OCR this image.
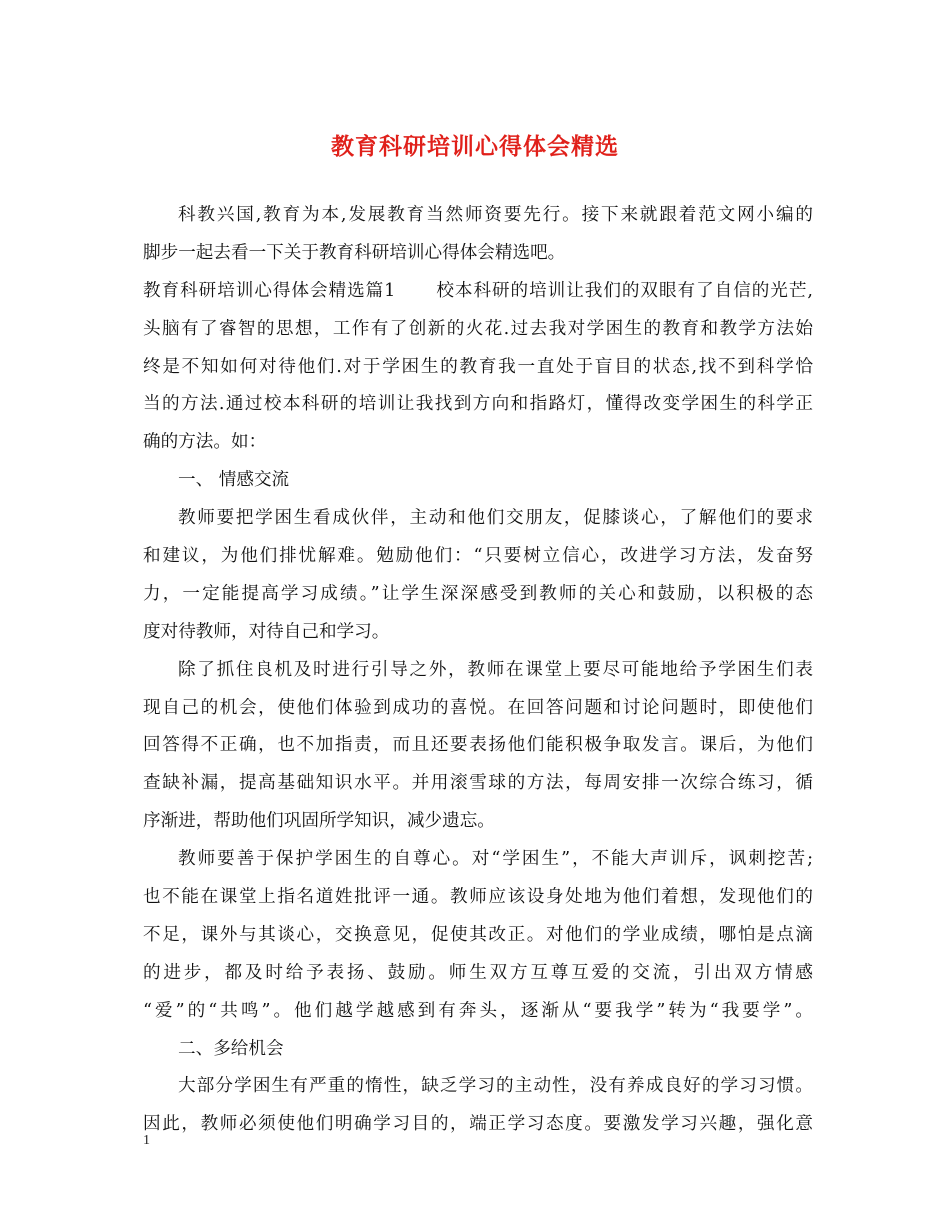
教育科研培训心得体会精选
科教兴国,教育为本,发展教育当然师资要先行。接下来就跟着范文网小编的
脚步一起去看一下关于教育科研培训心得体会精选吧。
教育科研培训心得体会精选篇1 校本科研的培训让我们的双眼有了自信的光芒,
头脑有了睿智的思想，工作有了创新的火花.过去我对学困生的教育和教学方法始
终是不知如何对待他们.对于学困生的教育我一直处于盲目的状态,找不到科学恰
当的方法.通过校本科研的培训让我找到方向和指路灯，懂得改变学困生的科学正
确的方法。如：
一、 情感交流
教师要把学困生看成伙伴，主动和他们交朋友，促膝谈心，了解他们的要求
和建议，为他们排忧解难。勉励他们：“只要树立信心，改进学习方法，发奋努
力，一定能提高学习成绩。”让学生深深感受到教师的关心和鼓励，以积极的态
度对待教师，对待自己和学习。
除了抓住良机及时进行引导之外，教师在课堂上要尽可能地给予学困生们表
现自己的机会，使他们体验到成功的喜悦。在回答问题和讨论问题时，即使他们
回答得不正确，也不加指责，而且还要表扬他们能积极争取发言。课后，为他们
查缺补漏，提高基础知识水平。并用滚雪球的方法，每周安排一次综合练习，循
序渐进，帮助他们巩固所学知识，减少遗忘。
教师要善于保护学困生的自尊心。对“学困生”，不能大声训斥，讽刺挖苦;
也不能在课堂上指名道姓批评一通。教师应该设身处地为他们着想，发现他们的
不足，课外与其谈心，交换意见，促使其改正。对他们的学业成绩，哪怕是点滴
的进步，都及时给予表扬、鼓励。师生双方互尊互爱的交流，引出双方情感
“爱”的“共鸣”。他们越学越感到有奔头，逐渐从“要我学”转为“我要学”。
二、多给机会
大部分学困生有严重的惰性，缺乏学习的主动性，没有养成良好的学习习惯。
因此，教师必须使他们明确学习目的，端正学习态度。要激发学习兴趣，强化意
1
